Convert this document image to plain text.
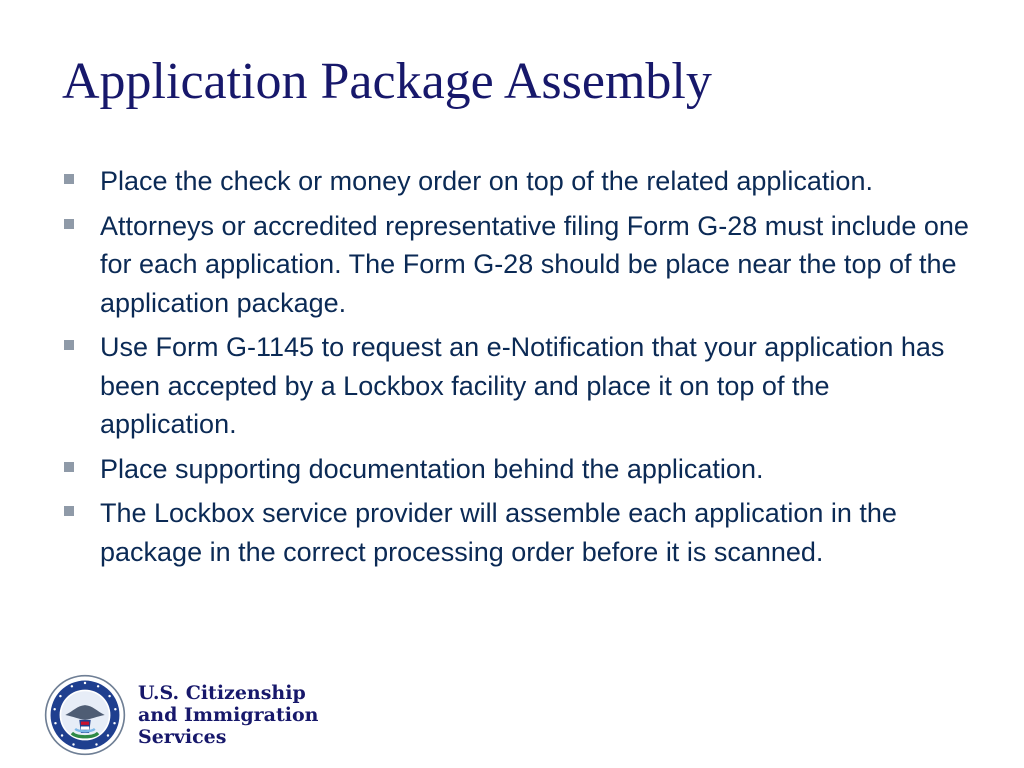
Application Package Assembly
Place the check or money order on top of the related application.
Attorneys or accredited representative filing Form G-28 must include one for each application. The Form G-28 should be place near the top of the application package.
Use Form G-1145 to request an e-Notification that your application has been accepted by a Lockbox facility and place it on top of the application.
Place supporting documentation behind the application.
The Lockbox service provider will assemble each application in the package in the correct processing order before it is scanned.
U.S. Citizenship
and Immigration
Services
